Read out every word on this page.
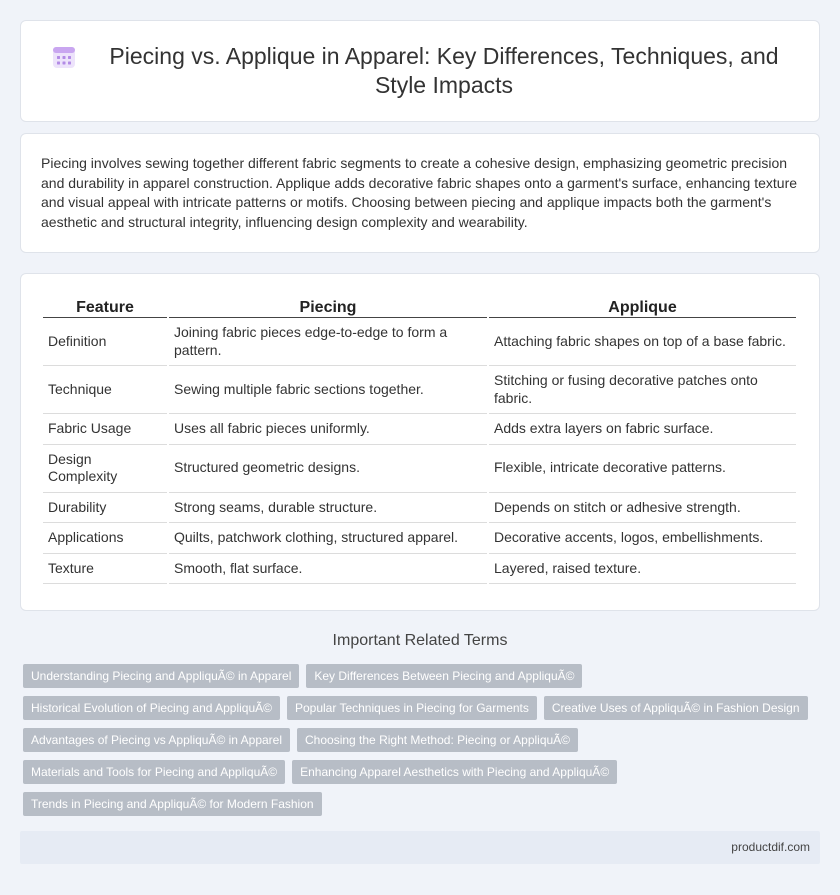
Piecing vs. Applique in Apparel: Key Differences, Techniques, and Style Impacts

Piecing involves sewing together different fabric segments to create a cohesive design, emphasizing geometric precision and durability in apparel construction. Applique adds decorative fabric shapes onto a garment's surface, enhancing texture and visual appeal with intricate patterns or motifs. Choosing between piecing and applique impacts both the garment's aesthetic and structural integrity, influencing design complexity and wearability.

Feature	Piecing	Applique
Definition	Joining fabric pieces edge-to-edge to form a pattern.	Attaching fabric shapes on top of a base fabric.
Technique	Sewing multiple fabric sections together.	Stitching or fusing decorative patches onto fabric.
Fabric Usage	Uses all fabric pieces uniformly.	Adds extra layers on fabric surface.
Design Complexity	Structured geometric designs.	Flexible, intricate decorative patterns.
Durability	Strong seams, durable structure.	Depends on stitch or adhesive strength.
Applications	Quilts, patchwork clothing, structured apparel.	Decorative accents, logos, embellishments.
Texture	Smooth, flat surface.	Layered, raised texture.
Important Related Terms
Understanding Piecing and AppliquÃ© in Apparel	Key Differences Between Piecing and AppliquÃ©
Historical Evolution of Piecing and AppliquÃ©	Popular Techniques in Piecing for Garments	Creative Uses of AppliquÃ© in Fashion Design
Advantages of Piecing vs AppliquÃ© in Apparel	Choosing the Right Method: Piecing or AppliquÃ©
Materials and Tools for Piecing and AppliquÃ©	Enhancing Apparel Aesthetics with Piecing and AppliquÃ©
Trends in Piecing and AppliquÃ© for Modern Fashion
productdif.com
